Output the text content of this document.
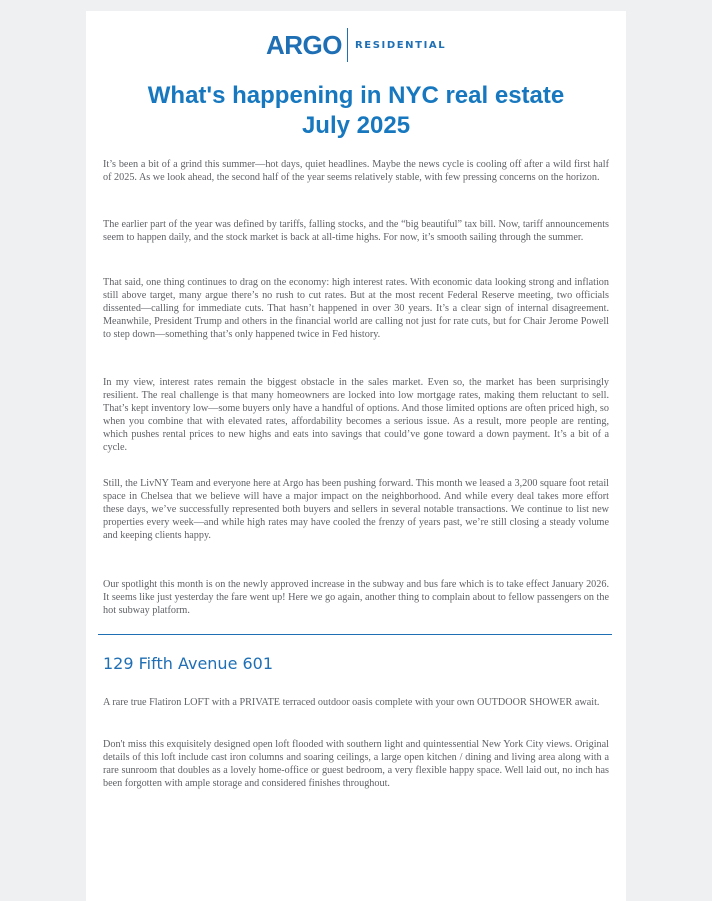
ARGO RESIDENTIAL
What's happening in NYC real estate
July 2025

It’s been a bit of a grind this summer—hot days, quiet headlines. Maybe the news cycle is cooling off after a wild first half of 2025. As we look ahead, the second half of the year seems relatively stable, with few pressing concerns on the horizon.

The earlier part of the year was defined by tariffs, falling stocks, and the “big beautiful” tax bill. Now, tariff announcements seem to happen daily, and the stock market is back at all-time highs. For now, it’s smooth sailing through the summer.

That said, one thing continues to drag on the economy: high interest rates. With economic data looking strong and inflation still above target, many argue there’s no rush to cut rates. But at the most recent Federal Reserve meeting, two officials dissented—calling for immediate cuts. That hasn’t happened in over 30 years. It’s a clear sign of internal disagreement. Meanwhile, President Trump and others in the financial world are calling not just for rate cuts, but for Chair Jerome Powell to step down—something that’s only happened twice in Fed history.

In my view, interest rates remain the biggest obstacle in the sales market. Even so, the market has been surprisingly resilient. The real challenge is that many homeowners are locked into low mortgage rates, making them reluctant to sell. That’s kept inventory low—some buyers only have a handful of options. And those limited options are often priced high, so when you combine that with elevated rates, affordability becomes a serious issue. As a result, more people are renting, which pushes rental prices to new highs and eats into savings that could’ve gone toward a down payment. It’s a bit of a cycle.

Still, the LivNY Team and everyone here at Argo has been pushing forward. This month we leased a 3,200 square foot retail space in Chelsea that we believe will have a major impact on the neighborhood. And while every deal takes more effort these days, we’ve successfully represented both buyers and sellers in several notable transactions. We continue to list new properties every week—and while high rates may have cooled the frenzy of years past, we’re still closing a steady volume and keeping clients happy.

Our spotlight this month is on the newly approved increase in the subway and bus fare which is to take effect January 2026. It seems like just yesterday the fare went up! Here we go again, another thing to complain about to fellow passengers on the hot subway platform.

129 Fifth Avenue 601

A rare true Flatiron LOFT with a PRIVATE terraced outdoor oasis complete with your own OUTDOOR SHOWER await.

Don't miss this exquisitely designed open loft flooded with southern light and quintessential New York City views. Original details of this loft include cast iron columns and soaring ceilings, a large open kitchen / dining and living area along with a rare sunroom that doubles as a lovely home-office or guest bedroom, a very flexible happy space. Well laid out, no inch has been forgotten with ample storage and considered finishes throughout.
